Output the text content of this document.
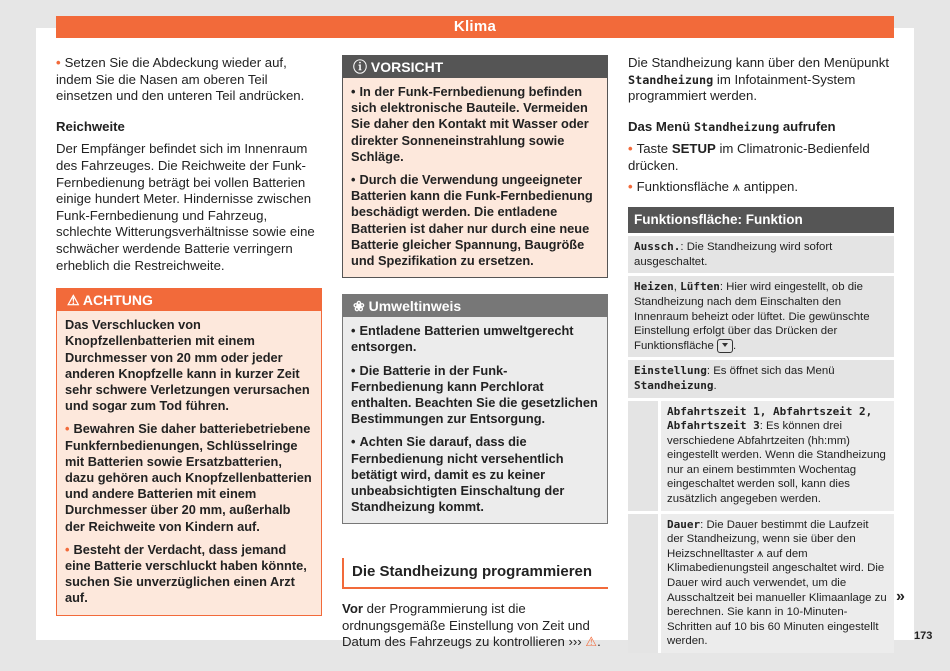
Klima

• Setzen Sie die Abdeckung wieder auf, indem Sie die Nasen am oberen Teil einsetzen und den unteren Teil andrücken.

Reichweite

Der Empfänger befindet sich im Innenraum des Fahrzeuges. Die Reichweite der Funk-Fernbedienung beträgt bei vollen Batterien einige hundert Meter. Hindernisse zwischen Funk-Fernbedienung und Fahrzeug, schlechte Witterungsverhältnisse sowie eine schwächer werdende Batterie verringern erheblich die Restreichweite.

⚠ ACHTUNG

Das Verschlucken von Knopfzellenbatterien mit einem Durchmesser von 20 mm oder jeder anderen Knopfzelle kann in kurzer Zeit sehr schwere Verletzungen verursachen und sogar zum Tod führen.

• Bewahren Sie daher batteriebetriebene Funkfernbedienungen, Schlüsselringe mit Batterien sowie Ersatzbatterien, dazu gehören auch Knopfzellenbatterien und andere Batterien mit einem Durchmesser über 20 mm, außerhalb der Reichweite von Kindern auf.

• Besteht der Verdacht, dass jemand eine Batterie verschluckt haben könnte, suchen Sie unverzüglichen einen Arzt auf.

ⓘ VORSICHT

• In der Funk-Fernbedienung befinden sich elektronische Bauteile. Vermeiden Sie daher den Kontakt mit Wasser oder direkter Sonneneinstrahlung sowie Schläge.

• Durch die Verwendung ungeeigneter Batterien kann die Funk-Fernbedienung beschädigt werden. Die entladene Batterien ist daher nur durch eine neue Batterie gleicher Spannung, Baugröße und Spezifikation zu ersetzen.

❀ Umweltinweis

• Entladene Batterien umweltgerecht entsorgen.

• Die Batterie in der Funk-Fernbedienung kann Perchlorat enthalten. Beachten Sie die gesetzlichen Bestimmungen zur Entsorgung.

• Achten Sie darauf, dass die Fernbedienung nicht versehentlich betätigt wird, damit es zu keiner unbeabsichtigten Einschaltung der Standheizung kommt.

Die Standheizung programmieren

Vor der Programmierung ist die ordnungsgemäße Einstellung von Zeit und Datum des Fahrzeugs zu kontrollieren ››› ⚠.

Die Standheizung kann über den Menüpunkt Standheizung im Infotainment-System programmiert werden.

Das Menü Standheizung aufrufen

• Taste SETUP im Climatronic-Bedienfeld drücken.

• Funktionsfläche ⩚ antippen.

Funktionsfläche: Funktion
Aussch.: Die Standheizung wird sofort ausgeschaltet.
Heizen, Lüften: Hier wird eingestellt, ob die Standheizung nach dem Einschalten den Innenraum beheizt oder lüftet. Die gewünschte Einstellung erfolgt über das Drücken der Funktionsfläche .
Einstellung: Es öffnet sich das Menü Standheizung.
Abfahrtszeit 1, Abfahrtszeit 2, Abfahrtszeit 3: Es können drei verschiedene Abfahrtzeiten (hh:mm) eingestellt werden. Wenn die Standheizung nur an einem bestimmten Wochentag eingeschaltet werden soll, kann dies zusätzlich angegeben werden.
Dauer: Die Dauer bestimmt die Laufzeit der Standheizung, wenn sie über den Heizschnelltaster ⩚ auf dem Klimabedienungsteil angeschaltet wird. Die Dauer wird auch verwendet, um die Ausschaltzeit bei manueller Klimaanlage zu berechnen. Sie kann in 10-Minuten-Schritten auf 10 bis 60 Minuten eingestellt werden.
»
173
